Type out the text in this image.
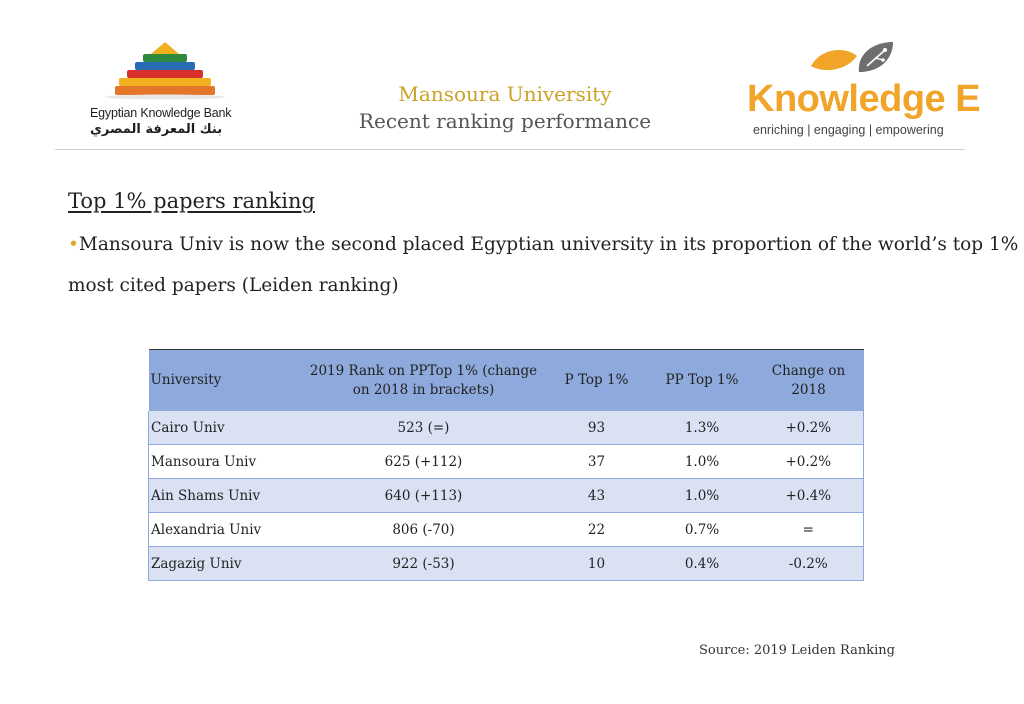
Egyptian Knowledge Bank
بنك المعرفة المصري
Mansoura University
Recent ranking performance
Knowledge E
enriching | engaging | empowering
Top 1% papers ranking
•Mansoura Univ is now the second placed Egyptian university in its proportion of the world’s top 1%
most cited papers (Leiden ranking)
University	2019 Rank on PPTop 1% (change on 2018 in brackets)	P Top 1%	PP Top 1%	Change on 2018
Cairo Univ	523 (=)	93	1.3%	+0.2%
Mansoura Univ	625 (+112)	37	1.0%	+0.2%
Ain Shams Univ	640 (+113)	43	1.0%	+0.4%
Alexandria Univ	806 (-70)	22	0.7%	=
Zagazig Univ	922 (-53)	10	0.4%	-0.2%
Source: 2019 Leiden Ranking
